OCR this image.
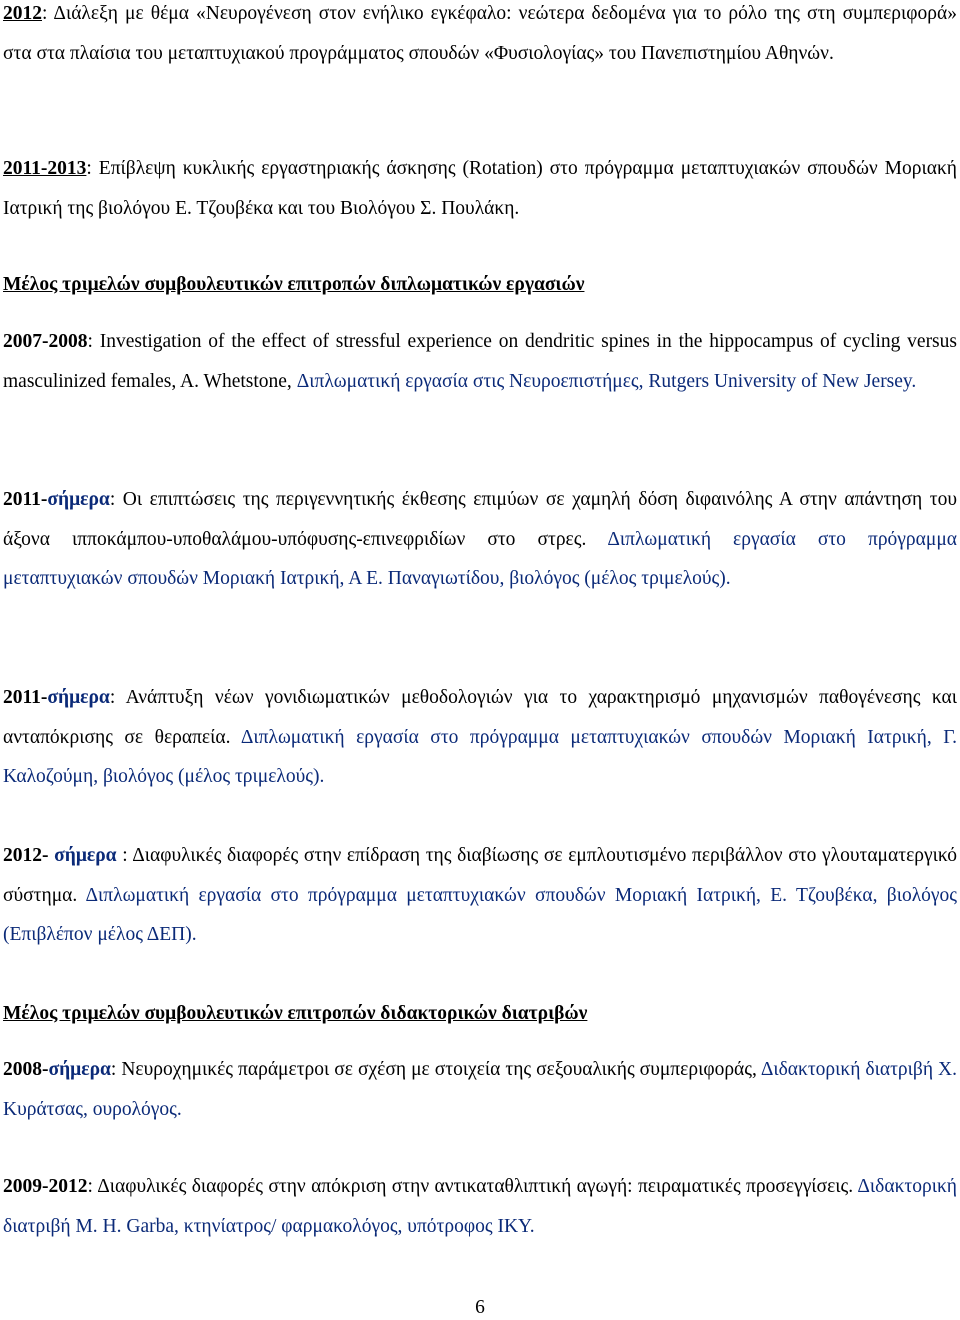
2012: Διάλεξη με θέμα «Νευρογένεση στον ενήλικο εγκέφαλο: νεώτερα δεδομένα για το ρόλο της στη συμπεριφορά» στα στα πλαίσια του μεταπτυχιακού προγράμματος σπουδών «Φυσιολογίας» του Πανεπιστημίου Αθηνών.

2011-2013: Επίβλεψη κυκλικής εργαστηριακής άσκησης (Rotation) στο πρόγραμμα μεταπτυχιακών σπουδών Μοριακή Ιατρική της βιολόγου Ε. Τζουβέκα και του Βιολόγου Σ. Πουλάκη.

Μέλος τριμελών συμβουλευτικών επιτροπών διπλωματικών εργασιών

2007-2008: Investigation of the effect of stressful experience on dendritic spines in the hippocampus of cycling versus masculinized females, A. Whetstone, Διπλωματική εργασία στις Νευροεπιστήμες, Rutgers University of New Jersey.

2011-σήμερα: Οι επιπτώσεις της περιγεννητικής έκθεσης επιμύων σε χαμηλή δόση διφαινόλης Α στην απάντηση του άξονα ιπποκάμπου-υποθαλάμου-υπόφυσης-επινεφριδίων στο στρες. Διπλωματική εργασία στο πρόγραμμα μεταπτυχιακών σπουδών Μοριακή Ιατρική, Α Ε. Παναγιωτίδου, βιολόγος (μέλος τριμελούς).

2011-σήμερα: Ανάπτυξη νέων γονιδιωματικών μεθοδολογιών για το χαρακτηρισμό μηχανισμών παθογένεσης και ανταπόκρισης σε θεραπεία. Διπλωματική εργασία στο πρόγραμμα μεταπτυχιακών σπουδών Μοριακή Ιατρική, Γ. Καλοζούμη, βιολόγος (μέλος τριμελούς).

2012- σήμερα : Διαφυλικές διαφορές στην επίδραση της διαβίωσης σε εμπλουτισμένο περιβάλλον στο γλουταματεργικό σύστημα. Διπλωματική εργασία στο πρόγραμμα μεταπτυχιακών σπουδών Μοριακή Ιατρική, Ε. Τζουβέκα, βιολόγος (Επιβλέπον μέλος ΔΕΠ).

Μέλος τριμελών συμβουλευτικών επιτροπών διδακτορικών διατριβών

2008-σήμερα: Νευροχημικές παράμετροι σε σχέση με στοιχεία της σεξουαλικής συμπεριφοράς, Διδακτορική διατριβή Χ. Κυράτσας, ουρολόγος.

2009-2012: Διαφυλικές διαφορές στην απόκριση στην αντικαταθλιπτική αγωγή: πειραματικές προσεγγίσεις. Διδακτορική διατριβή Μ. Η. Garba, κτηνίατρος/ φαρμακολόγος, υπότροφος ΙΚΥ.

6
